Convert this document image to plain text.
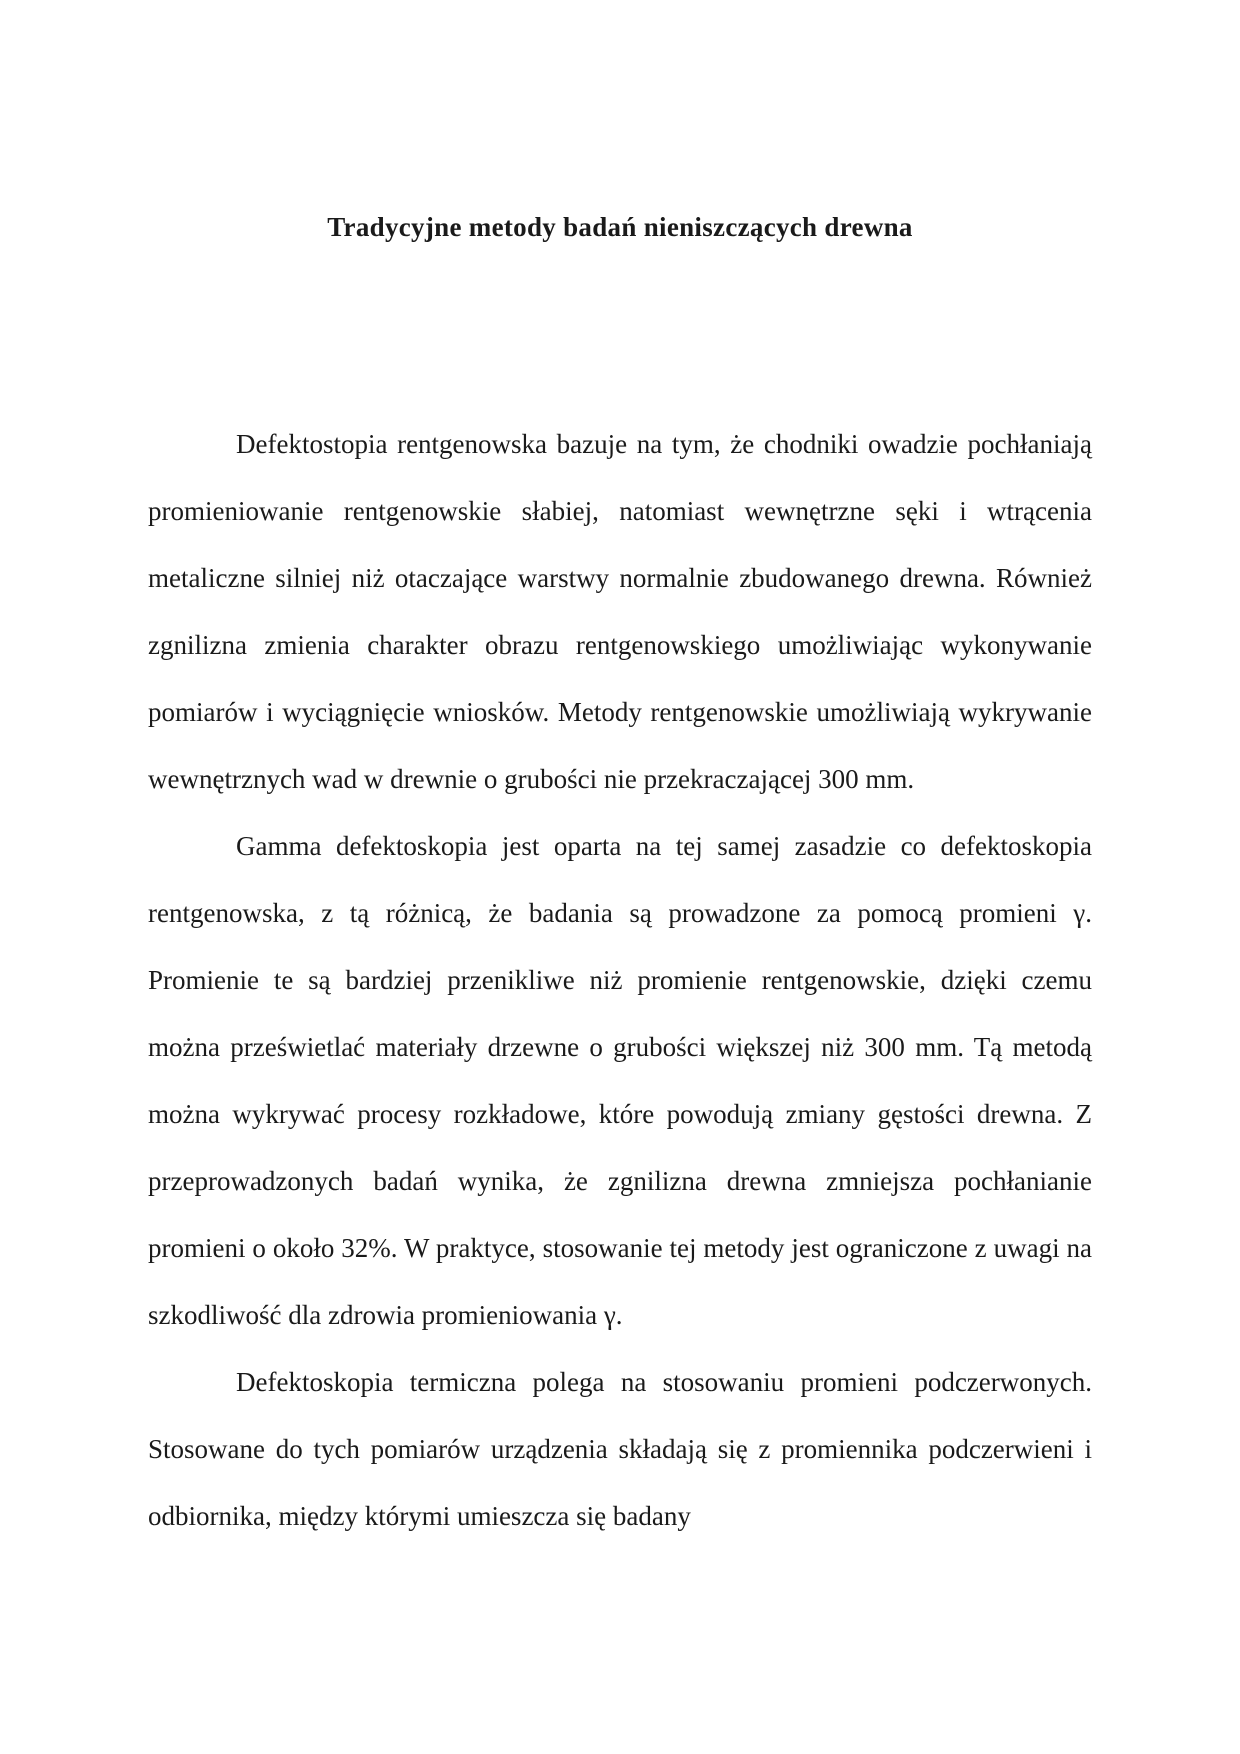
Tradycyjne metody badań nieniszczących drewna

Defektostopia rentgenowska bazuje na tym, że chodniki owadzie pochłaniają promieniowanie rentgenowskie słabiej, natomiast wewnętrzne sęki i wtrącenia metaliczne silniej niż otaczające warstwy normalnie zbudowanego drewna. Również zgnilizna zmienia charakter obrazu rentgenowskiego umożliwiając wykonywanie pomiarów i wyciągnięcie wniosków. Metody rentgenowskie umożliwiają wykrywanie wewnętrznych wad w drewnie o grubości nie przekraczającej 300 mm.

Gamma defektoskopia jest oparta na tej samej zasadzie co defektoskopia rentgenowska, z tą różnicą, że badania są prowadzone za pomocą promieni γ. Promienie te są bardziej przenikliwe niż promienie rentgenowskie, dzięki czemu można prześwietlać materiały drzewne o grubości większej niż 300 mm. Tą metodą można wykrywać procesy rozkładowe, które powodują zmiany gęstości drewna. Z przeprowadzonych badań wynika, że zgnilizna drewna zmniejsza pochłanianie promieni o około 32%. W praktyce, stosowanie tej metody jest ograniczone z uwagi na szkodliwość dla zdrowia promieniowania γ.

Defektoskopia termiczna polega na stosowaniu promieni podczerwonych. Stosowane do tych pomiarów urządzenia składają się z promiennika podczerwieni i odbiornika, między którymi umieszcza się badany
